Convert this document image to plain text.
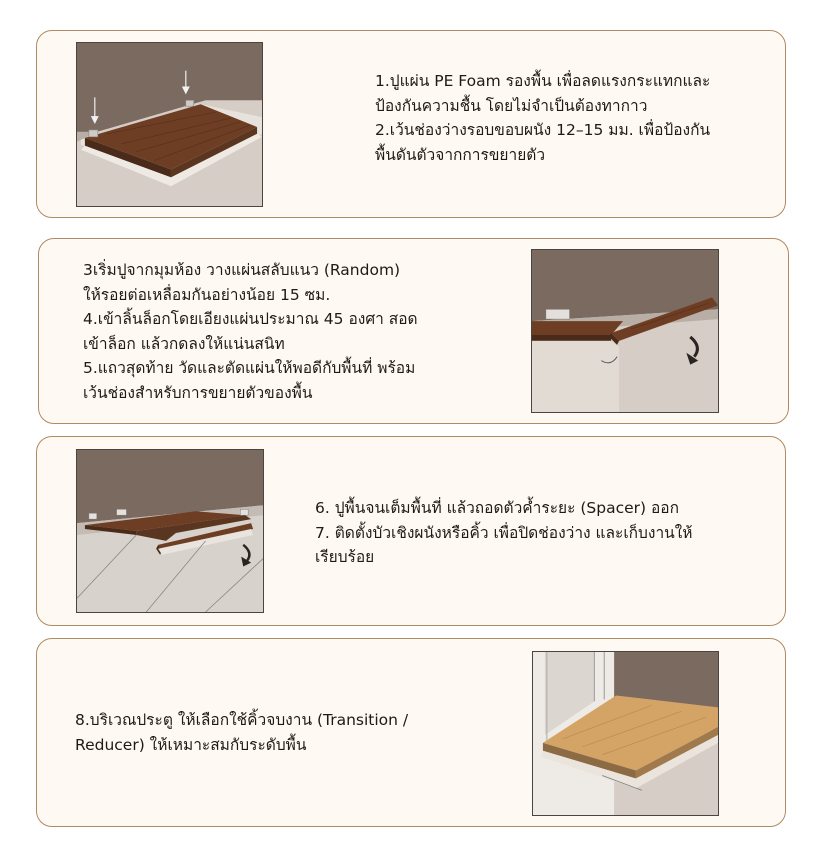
1.ปูแผ่น PE Foam รองพื้น เพื่อลดแรงกระแทกและ

ป้องกันความชื้น โดยไม่จำเป็นต้องทากาว

2.เว้นช่องว่างรอบขอบผนัง 12–15 มม. เพื่อป้องกัน

พื้นดันตัวจากการขยายตัว

3เริ่มปูจากมุมห้อง วางแผ่นสลับแนว (Random)

ให้รอยต่อเหลื่อมกันอย่างน้อย 15 ซม.

4.เข้าลิ้นล็อกโดยเอียงแผ่นประมาณ 45 องศา สอด

เข้าล็อก แล้วกดลงให้แน่นสนิท

5.แถวสุดท้าย วัดและตัดแผ่นให้พอดีกับพื้นที่ พร้อม

เว้นช่องสำหรับการขยายตัวของพื้น

6. ปูพื้นจนเต็มพื้นที่ แล้วถอดตัวค้ำระยะ (Spacer) ออก

7. ติดตั้งบัวเชิงผนังหรือคิ้ว เพื่อปิดช่องว่าง และเก็บงานให้

เรียบร้อย

8.บริเวณประตู ให้เลือกใช้คิ้วจบงาน (Transition /

Reducer) ให้เหมาะสมกับระดับพื้น
